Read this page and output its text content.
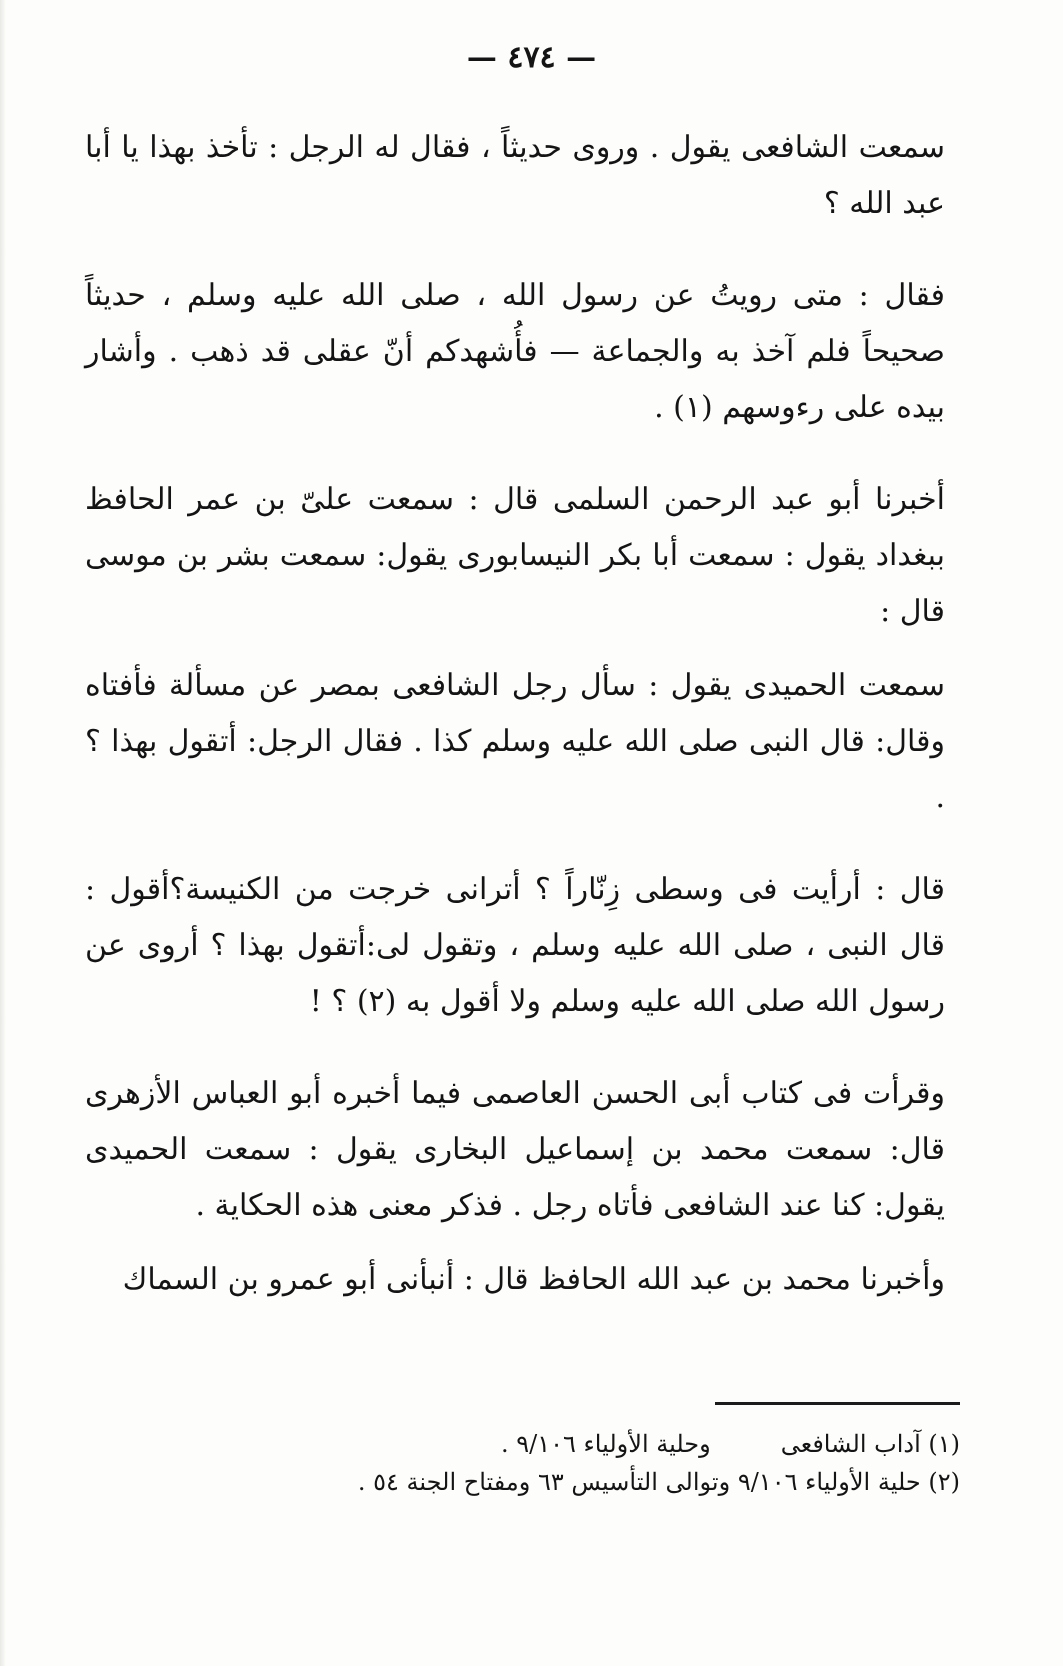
— ٤٧٤ —

سمعت الشافعى يقول . وروى حديثاً ، فقال له الرجل : تأخذ بهذا يا أبا عبد الله ؟

فقال : متى رويتُ عن رسول الله ، صلى الله عليه وسلم ، حديثاً صحيحاً فلم آخذ به والجماعة — فأُشهدكم أنّ عقلى قد ذهب . وأشار بيده على رءوسهم (١) .

أخبرنا أبو عبد الرحمن السلمى قال : سمعت علىّ بن عمر الحافظ ببغداد يقول : سمعت أبا بكر النيسابورى يقول: سمعت بشر بن موسى قال :

سمعت الحميدى يقول : سأل رجل الشافعى بمصر عن مسألة فأفتاه وقال: قال النبى صلى الله عليه وسلم كذا . فقال الرجل: أتقول بهذا ؟ .

قال : أرأيت فى وسطى زِنّاراً ؟ أترانى خرجت من الكنيسة؟أقول : قال النبى ، صلى الله عليه وسلم ، وتقول لى:أتقول بهذا ؟ أروى عن رسول الله صلى الله عليه وسلم ولا أقول به (٢) ؟ !

وقرأت فى كتاب أبى الحسن العاصمى فيما أخبره أبو العباس الأزهرى قال: سمعت محمد بن إسماعيل البخارى يقول : سمعت الحميدى يقول: كنا عند الشافعى فأتاه رجل . فذكر معنى هذه الحكاية .

وأخبرنا محمد بن عبد الله الحافظ قال : أنبأنى أبو عمرو بن السماك

(١) آداب الشافعىوحلية الأولياء ٩/١٠٦ .

(٢) حلية الأولياء ٩/١٠٦ وتوالى التأسيس ٦٣ ومفتاح الجنة ٥٤ .
